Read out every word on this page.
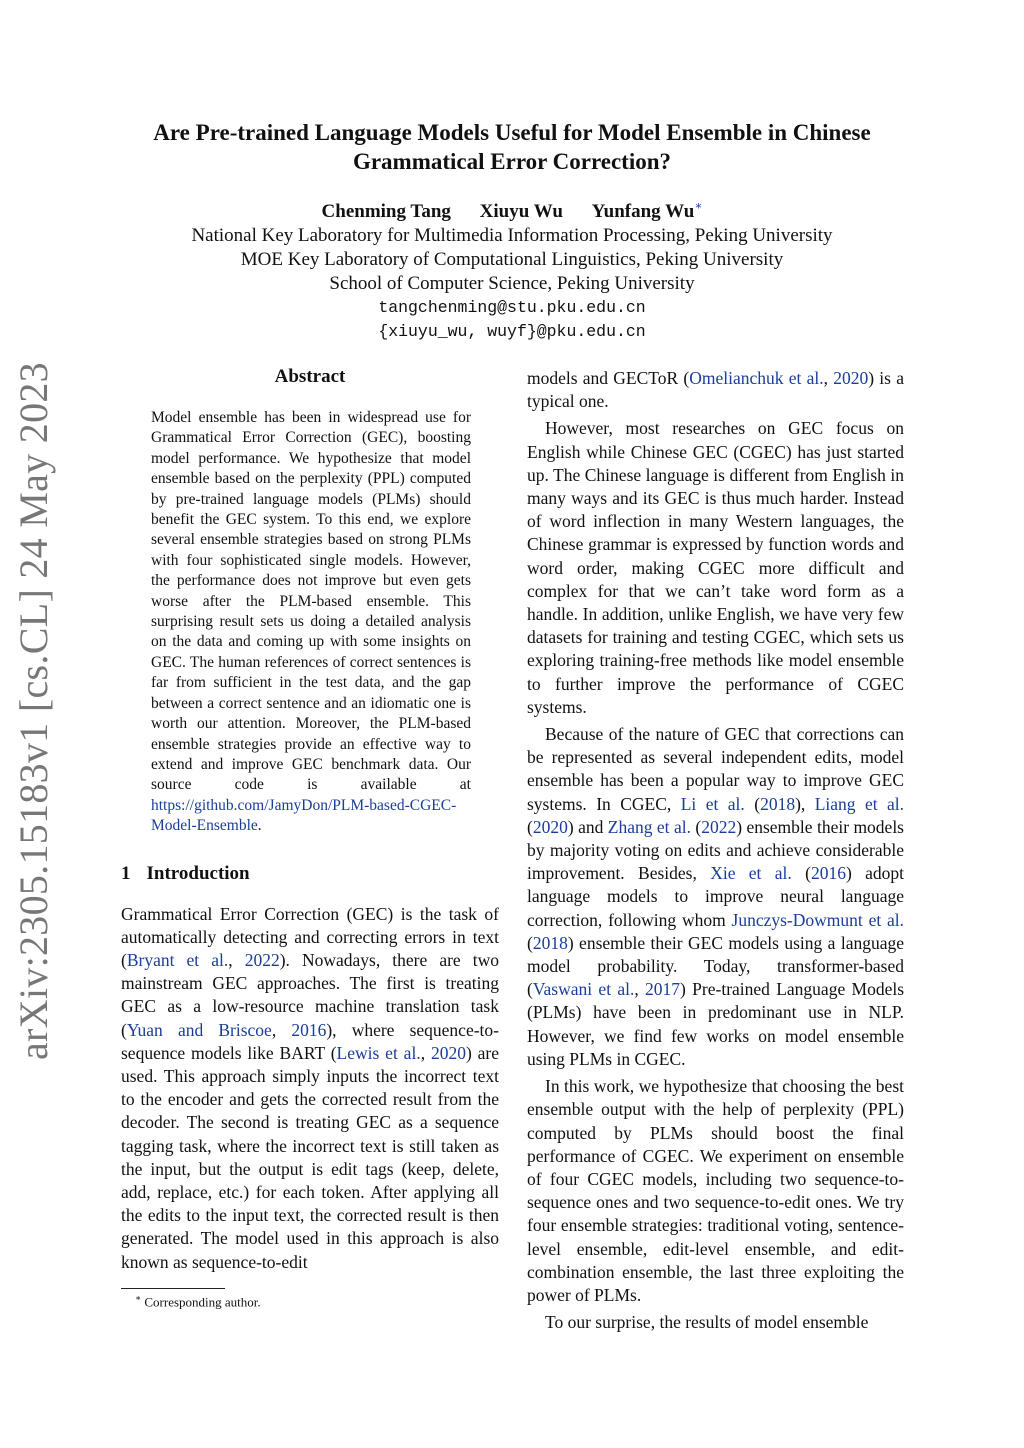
arXiv:2305.15183v1 [cs.CL] 24 May 2023
Are Pre-trained Language Models Useful for Model Ensemble in Chinese Grammatical Error Correction?
Chenming Tang Xiuyu Wu Yunfang Wu∗
National Key Laboratory for Multimedia Information Processing, Peking University
MOE Key Laboratory of Computational Linguistics, Peking University
School of Computer Science, Peking University
tangchenming@stu.pku.edu.cn
{xiuyu_wu, wuyf}@pku.edu.cn
Abstract

Model ensemble has been in widespread use for Grammatical Error Correction (GEC), boosting model performance. We hypothesize that model ensemble based on the perplexity (PPL) computed by pre-trained language models (PLMs) should benefit the GEC system. To this end, we explore several ensemble strategies based on strong PLMs with four sophisticated single models. However, the performance does not improve but even gets worse after the PLM-based ensemble. This surprising result sets us doing a detailed analysis on the data and coming up with some insights on GEC. The human references of correct sentences is far from sufficient in the test data, and the gap between a correct sentence and an idiomatic one is worth our attention. Moreover, the PLM-based ensemble strategies provide an effective way to extend and improve GEC benchmark data. Our source code is available at https://github.com/JamyDon/PLM-based-CGEC-Model-Ensemble.

1 Introduction

Grammatical Error Correction (GEC) is the task of automatically detecting and correcting errors in text (Bryant et al., 2022). Nowadays, there are two mainstream GEC approaches. The first is treating GEC as a low-resource machine translation task (Yuan and Briscoe, 2016), where sequence-to-sequence models like BART (Lewis et al., 2020) are used. This approach simply inputs the incorrect text to the encoder and gets the corrected result from the decoder. The second is treating GEC as a sequence tagging task, where the incorrect text is still taken as the input, but the output is edit tags (keep, delete, add, replace, etc.) for each token. After applying all the edits to the input text, the corrected result is then generated. The model used in this approach is also known as sequence-to-edit

∗ Corresponding author.

models and GECToR (Omelianchuk et al., 2020) is a typical one.

However, most researches on GEC focus on English while Chinese GEC (CGEC) has just started up. The Chinese language is different from English in many ways and its GEC is thus much harder. Instead of word inflection in many Western languages, the Chinese grammar is expressed by function words and word order, making CGEC more difficult and complex for that we can’t take word form as a handle. In addition, unlike English, we have very few datasets for training and testing CGEC, which sets us exploring training-free methods like model ensemble to further improve the performance of CGEC systems.

Because of the nature of GEC that corrections can be represented as several independent edits, model ensemble has been a popular way to improve GEC systems. In CGEC, Li et al. (2018), Liang et al. (2020) and Zhang et al. (2022) ensemble their models by majority voting on edits and achieve considerable improvement. Besides, Xie et al. (2016) adopt language models to improve neural language correction, following whom Junczys-Dowmunt et al. (2018) ensemble their GEC models using a language model probability. Today, transformer-based (Vaswani et al., 2017) Pre-trained Language Models (PLMs) have been in predominant use in NLP. However, we find few works on model ensemble using PLMs in CGEC.

In this work, we hypothesize that choosing the best ensemble output with the help of perplexity (PPL) computed by PLMs should boost the final performance of CGEC. We experiment on ensemble of four CGEC models, including two sequence-to-sequence ones and two sequence-to-edit ones. We try four ensemble strategies: traditional voting, sentence-level ensemble, edit-level ensemble, and edit-combination ensemble, the last three exploiting the power of PLMs.

To our surprise, the results of model ensemble
